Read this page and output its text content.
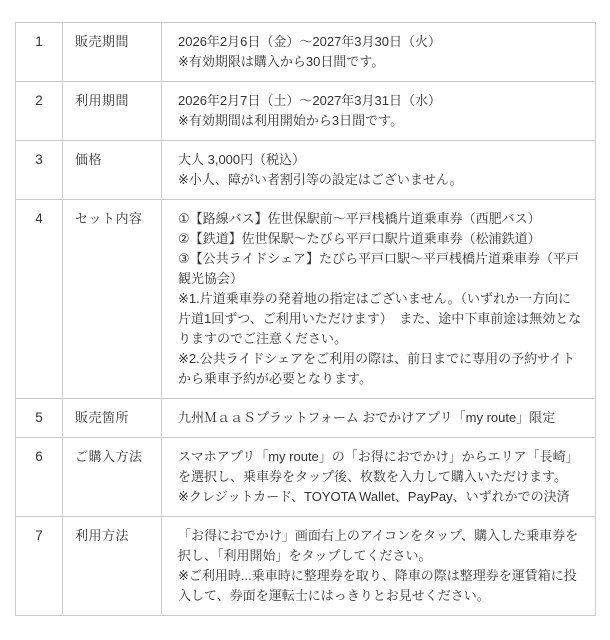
1	販売期間	2026年2月6日（金）～2027年3月30日（火）
※有効期限は購入から30日間です。

2	利用期間	2026年2月7日（土）～2027年3月31日（水）
※有効期間は利用開始から3日間です。

3	価格	大人 3,000円（税込）
※小人、障がい者割引等の設定はございません。

4	セット内容	①【路線バス】佐世保駅前～平戸桟橋片道乗車券（西肥バス）
②【鉄道】佐世保駅～たびら平戸口駅片道乗車券（松浦鉄道）
③【公共ライドシェア】たびら平戸口駅～平戸桟橋片道乗車券（平戸観光協会）
※1.片道乗車券の発着地の指定はございません。（いずれか一方向に片道1回ずつ、ご利用いただけます）　また、途中下車前途は無効となりますのでご注意ください。
※2.公共ライドシェアをご利用の際は、前日までに専用の予約サイトから乗車予約が必要となります。

5	販売箇所	九州ＭａａＳプラットフォーム おでかけアプリ「my route」限定

6	ご購入方法	スマホアプリ「my route」の「お得におでかけ」からエリア「長崎」を選択し、乗車券をタップ後、枚数を入力して購入いただけます。
※クレジットカード、TOYOTA Wallet、PayPay、いずれかでの決済

7	利用方法	「お得におでかけ」画面右上のアイコンをタップ、購入した乗車券を択し、「利用開始」をタップしてください。
※ご利用時...乗車時に整理券を取り、降車の際は整理券を運賃箱に投入して、券面を運転士にはっきりとお見せください。
